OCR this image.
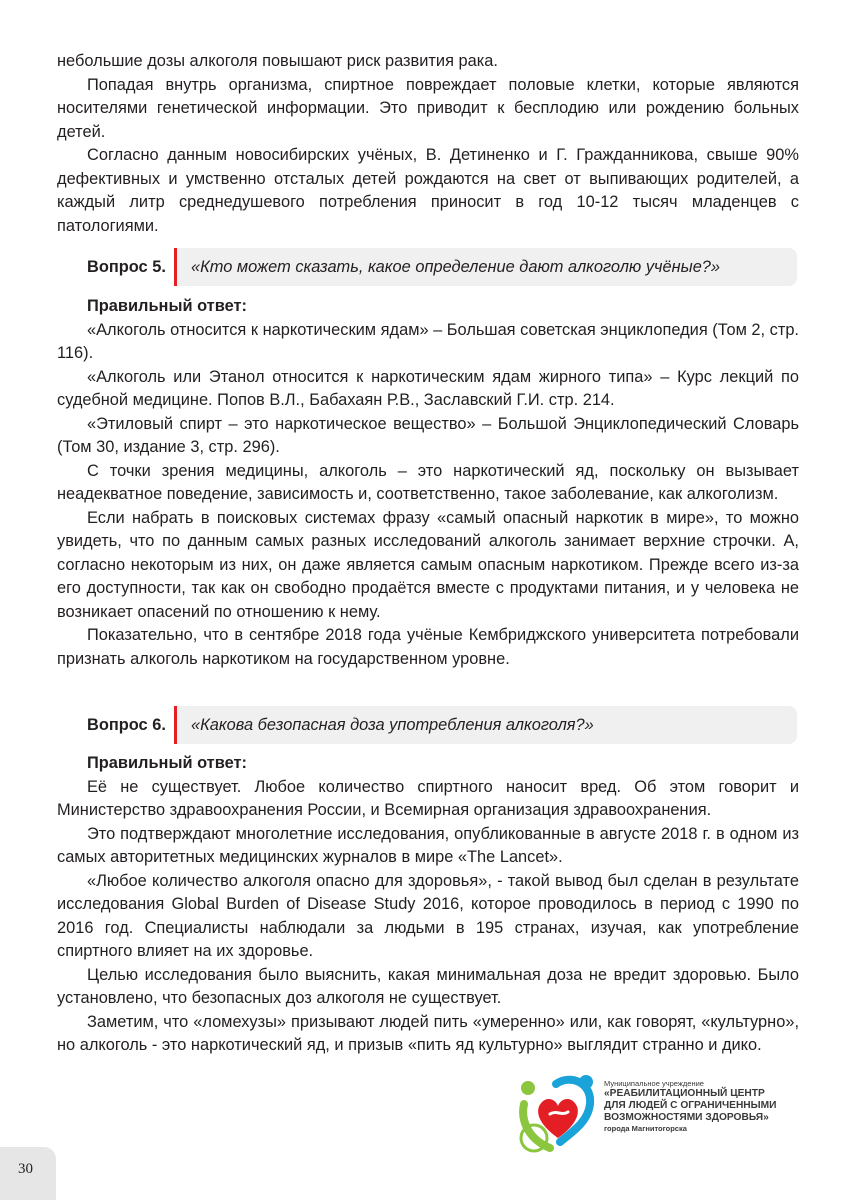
небольшие дозы алкоголя повышают риск развития рака.

Попадая внутрь организма, спиртное повреждает половые клетки, которые являются носителями генетической информации. Это приводит к бесплодию или рождению больных детей.

Согласно данным новосибирских учёных, В. Детиненко и Г. Гражданникова, свыше 90% дефективных и умственно отсталых детей рождаются на свет от выпивающих родителей, а каждый литр среднедушевого потребления приносит в год 10-12 тысяч младенцев с патологиями.

Вопрос 5.	«Кто может сказать, какое определение дают алкоголю учёные?»

Правильный ответ:

«Алкоголь относится к наркотическим ядам» – Большая советская энциклопедия (Том 2, стр. 116).

«Алкоголь или Этанол относится к наркотическим ядам жирного типа» – Курс лекций по судебной медицине. Попов В.Л., Бабахаян Р.В., Заславский Г.И. стр. 214.

«Этиловый спирт – это наркотическое вещество» – Большой Энциклопедический Словарь (Том 30, издание 3, стр. 296).

С точки зрения медицины, алкоголь – это наркотический яд, поскольку он вызывает неадекватное поведение, зависимость и, соответственно, такое заболевание, как алкоголизм.

Если набрать в поисковых системах фразу «самый опасный наркотик в мире», то можно увидеть, что по данным самых разных исследований алкоголь занимает верхние строчки. А, согласно некоторым из них, он даже является самым опасным наркотиком. Прежде всего из-за его доступности, так как он свободно продаётся вместе с продуктами питания, и у человека не возникает опасений по отношению к нему.

Показательно, что в сентябре 2018 года учёные Кембриджского университета потребовали признать алкоголь наркотиком на государственном уровне.

Вопрос 6.	«Какова безопасная доза употребления алкоголя?»

Правильный ответ:

Её не существует. Любое количество спиртного наносит вред. Об этом говорит и Министерство здравоохранения России, и Всемирная организация здравоохранения.

Это подтверждают многолетние исследования, опубликованные в августе 2018 г. в одном из самых авторитетных медицинских журналов в мире «The Lancet».

«Любое количество алкоголя опасно для здоровья», - такой вывод был сделан в результате исследования Global Burden of Disease Study 2016, которое проводилось в период с 1990 по 2016 год. Специалисты наблюдали за людьми в 195 странах, изучая, как употребление спиртного влияет на их здоровье.

Целью исследования было выяснить, какая минимальная доза не вредит здоровью. Было установлено, что безопасных доз алкоголя не существует.

Заметим, что «ломехузы» призывают людей пить «умеренно» или, как говорят, «культурно», но алкоголь - это наркотический яд, и призыв «пить яд культурно» выглядит странно и дико.

Муниципальное учреждение
«РЕАБИЛИТАЦИОННЫЙ ЦЕНТР
ДЛЯ ЛЮДЕЙ С ОГРАНИЧЕННЫМИ
ВОЗМОЖНОСТЯМИ ЗДОРОВЬЯ»
города Магнитогорска
30
